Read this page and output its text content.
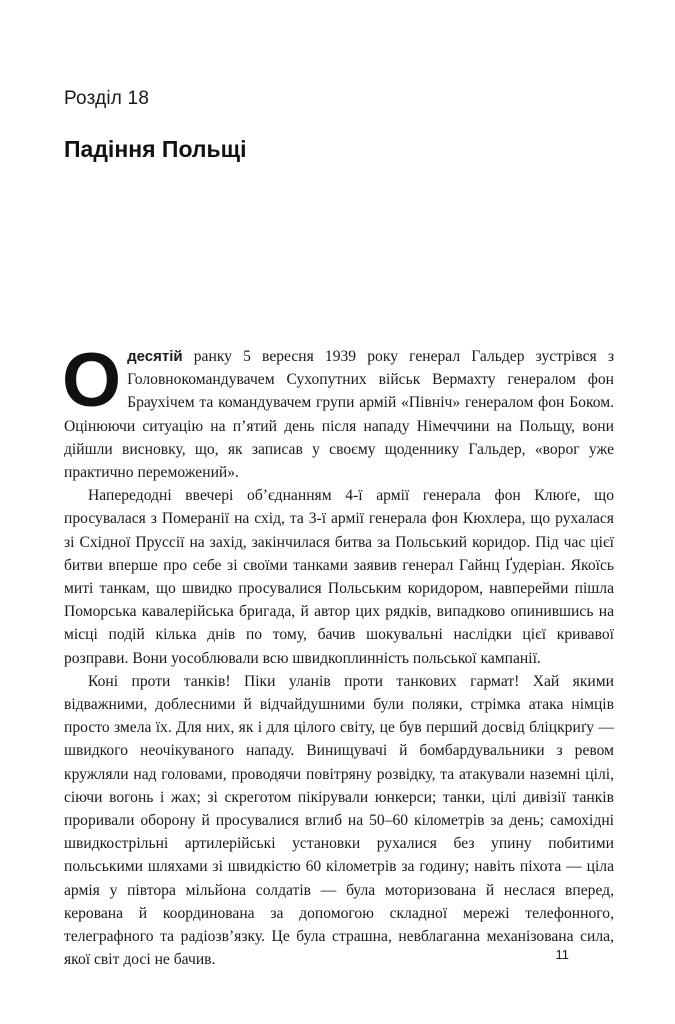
Розділ 18
Падіння Польщі

Одесятій ранку 5 вересня 1939 року генерал Гальдер зустрівся з Головнокомандувачем Сухопутних військ Вермахту генералом фон Браухічем та командувачем групи армій «Північ» генералом фон Боком. Оцінюючи ситуацію на п’ятий день після нападу Німеччини на Польщу, вони дійшли висновку, що, як записав у своєму щоденнику Гальдер, «ворог уже практично переможений».

Напередодні ввечері об’єднанням 4-ї армії генерала фон Клюґе, що просувалася з Померанії на схід, та 3-ї армії генерала фон Кюхлера, що рухалася зі Східної Пруссії на захід, закінчилася битва за Польський коридор. Під час цієї битви вперше про себе зі своїми танками заявив генерал Гайнц Ґудеріан. Якоїсь миті танкам, що швидко просувалися Польським коридором, навперейми пішла Поморська кавалерійська бригада, й автор цих рядків, випадково опинившись на місці подій кілька днів по тому, бачив шокувальні наслідки цієї кривавої розправи. Вони уособлювали всю швидкоплинність польської кампанії.

Коні проти танків! Піки уланів проти танкових гармат! Хай якими відважними, доблесними й відчайдушними були поляки, стрімка атака німців просто змела їх. Для них, як і для цілого світу, це був перший досвід бліцкриґу — швидкого неочікуваного нападу. Винищувачі й бомбардувальники з ревом кружляли над головами, проводячи повітряну розвідку, та атакували наземні цілі, сіючи вогонь і жах; зі скреготом пікірували юнкерси; танки, цілі дивізії танків проривали оборону й просувалися вглиб на 50–60 кілометрів за день; самохідні швидкострільні артилерійські установки рухалися без упину побитими польськими шляхами зі швидкістю 60 кілометрів за годину; навіть піхота — ціла армія у півтора мільйона солдатів — була моторизована й неслася вперед, керована й координована за допомогою складної мережі телефонного, телеграфного та радіозв’язку. Це була страшна, невблаганна механізована сила, якої світ досі не бачив.	11
